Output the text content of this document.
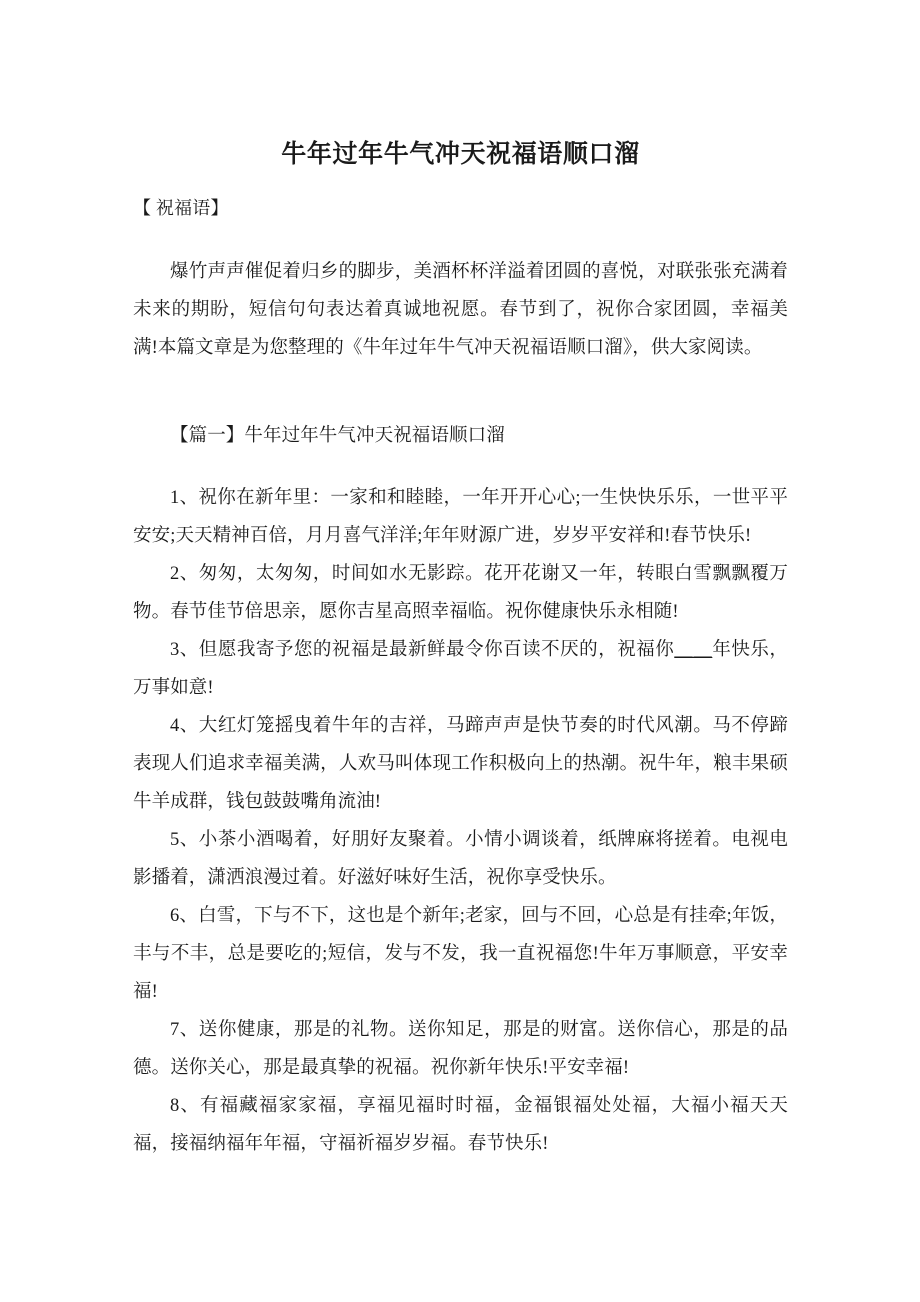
牛年过年牛气冲天祝福语顺口溜

【 祝福语】

爆竹声声催促着归乡的脚步，美酒杯杯洋溢着团圆的喜悦，对联张张充满着未来的期盼，短信句句表达着真诚地祝愿。春节到了，祝你合家团圆，幸福美满!本篇文章是为您整理的《牛年过年牛气冲天祝福语顺口溜》，供大家阅读。

【篇一】牛年过年牛气冲天祝福语顺口溜

1、祝你在新年里：一家和和睦睦，一年开开心心;一生快快乐乐，一世平平安安;天天精神百倍，月月喜气洋洋;年年财源广进，岁岁平安祥和!春节快乐!

2、匆匆，太匆匆，时间如水无影踪。花开花谢又一年，转眼白雪飘飘覆万物。春节佳节倍思亲，愿你吉星高照幸福临。祝你健康快乐永相随!

3、但愿我寄予您的祝福是最新鲜最令你百读不厌的，祝福你＿＿年快乐，万事如意!

4、大红灯笼摇曳着牛年的吉祥，马蹄声声是快节奏的时代风潮。马不停蹄表现人们追求幸福美满，人欢马叫体现工作积极向上的热潮。祝牛年，粮丰果硕牛羊成群，钱包鼓鼓嘴角流油!

5、小茶小酒喝着，好朋好友聚着。小情小调谈着，纸牌麻将搓着。电视电影播着，潇洒浪漫过着。好滋好味好生活，祝你享受快乐。

6、白雪，下与不下，这也是个新年;老家，回与不回，心总是有挂牵;年饭，丰与不丰，总是要吃的;短信，发与不发，我一直祝福您!牛年万事顺意，平安幸福!

7、送你健康，那是的礼物。送你知足，那是的财富。送你信心，那是的品德。送你关心，那是最真挚的祝福。祝你新年快乐!平安幸福!

8、有福藏福家家福，享福见福时时福，金福银福处处福，大福小福天天福，接福纳福年年福，守福祈福岁岁福。春节快乐!
